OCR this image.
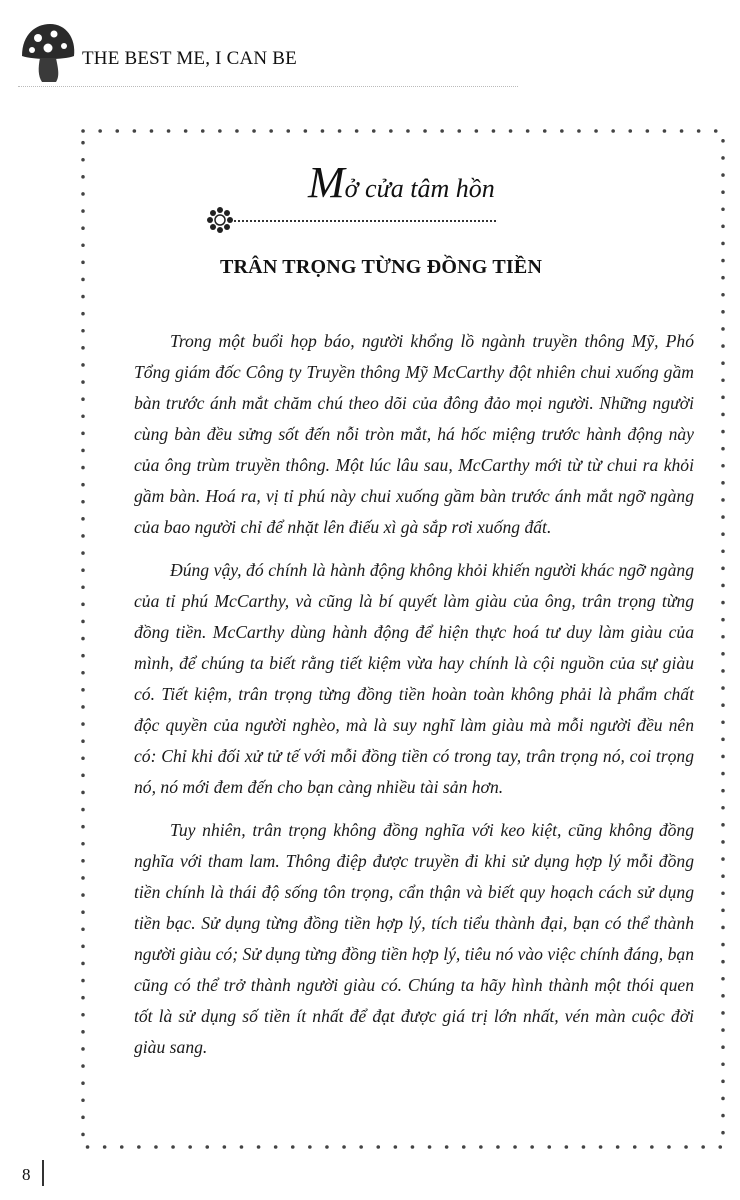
THE BEST ME, I CAN BE
Mở cửa tâm hồn
TRÂN TRỌNG TỪNG ĐỒNG TIỀN

Trong một buổi họp báo, người khổng lồ ngành truyền thông Mỹ, Phó Tổng giám đốc Công ty Truyền thông Mỹ McCarthy đột nhiên chui xuống gầm bàn trước ánh mắt chăm chú theo dõi của đông đảo mọi người. Những người cùng bàn đều sửng sốt đến nỗi tròn mắt, há hốc miệng trước hành động này của ông trùm truyền thông. Một lúc lâu sau, McCarthy mới từ từ chui ra khỏi gầm bàn. Hoá ra, vị tỉ phú này chui xuống gầm bàn trước ánh mắt ngỡ ngàng của bao người chỉ để nhặt lên điếu xì gà sắp rơi xuống đất.

Đúng vậy, đó chính là hành động không khỏi khiến người khác ngỡ ngàng của tỉ phú McCarthy, và cũng là bí quyết làm giàu của ông, trân trọng từng đồng tiền. McCarthy dùng hành động để hiện thực hoá tư duy làm giàu của mình, để chúng ta biết rằng tiết kiệm vừa hay chính là cội nguồn của sự giàu có. Tiết kiệm, trân trọng từng đồng tiền hoàn toàn không phải là phẩm chất độc quyền của người nghèo, mà là suy nghĩ làm giàu mà mỗi người đều nên có: Chỉ khi đối xử tử tế với mỗi đồng tiền có trong tay, trân trọng nó, coi trọng nó, nó mới đem đến cho bạn càng nhiều tài sản hơn.

Tuy nhiên, trân trọng không đồng nghĩa với keo kiệt, cũng không đồng nghĩa với tham lam. Thông điệp được truyền đi khi sử dụng hợp lý mỗi đồng tiền chính là thái độ sống tôn trọng, cẩn thận và biết quy hoạch cách sử dụng tiền bạc. Sử dụng từng đồng tiền hợp lý, tích tiểu thành đại, bạn có thể thành người giàu có; Sử dụng từng đồng tiền hợp lý, tiêu nó vào việc chính đáng, bạn cũng có thể trở thành người giàu có. Chúng ta hãy hình thành một thói quen tốt là sử dụng số tiền ít nhất để đạt được giá trị lớn nhất, vén màn cuộc đời giàu sang.

8
